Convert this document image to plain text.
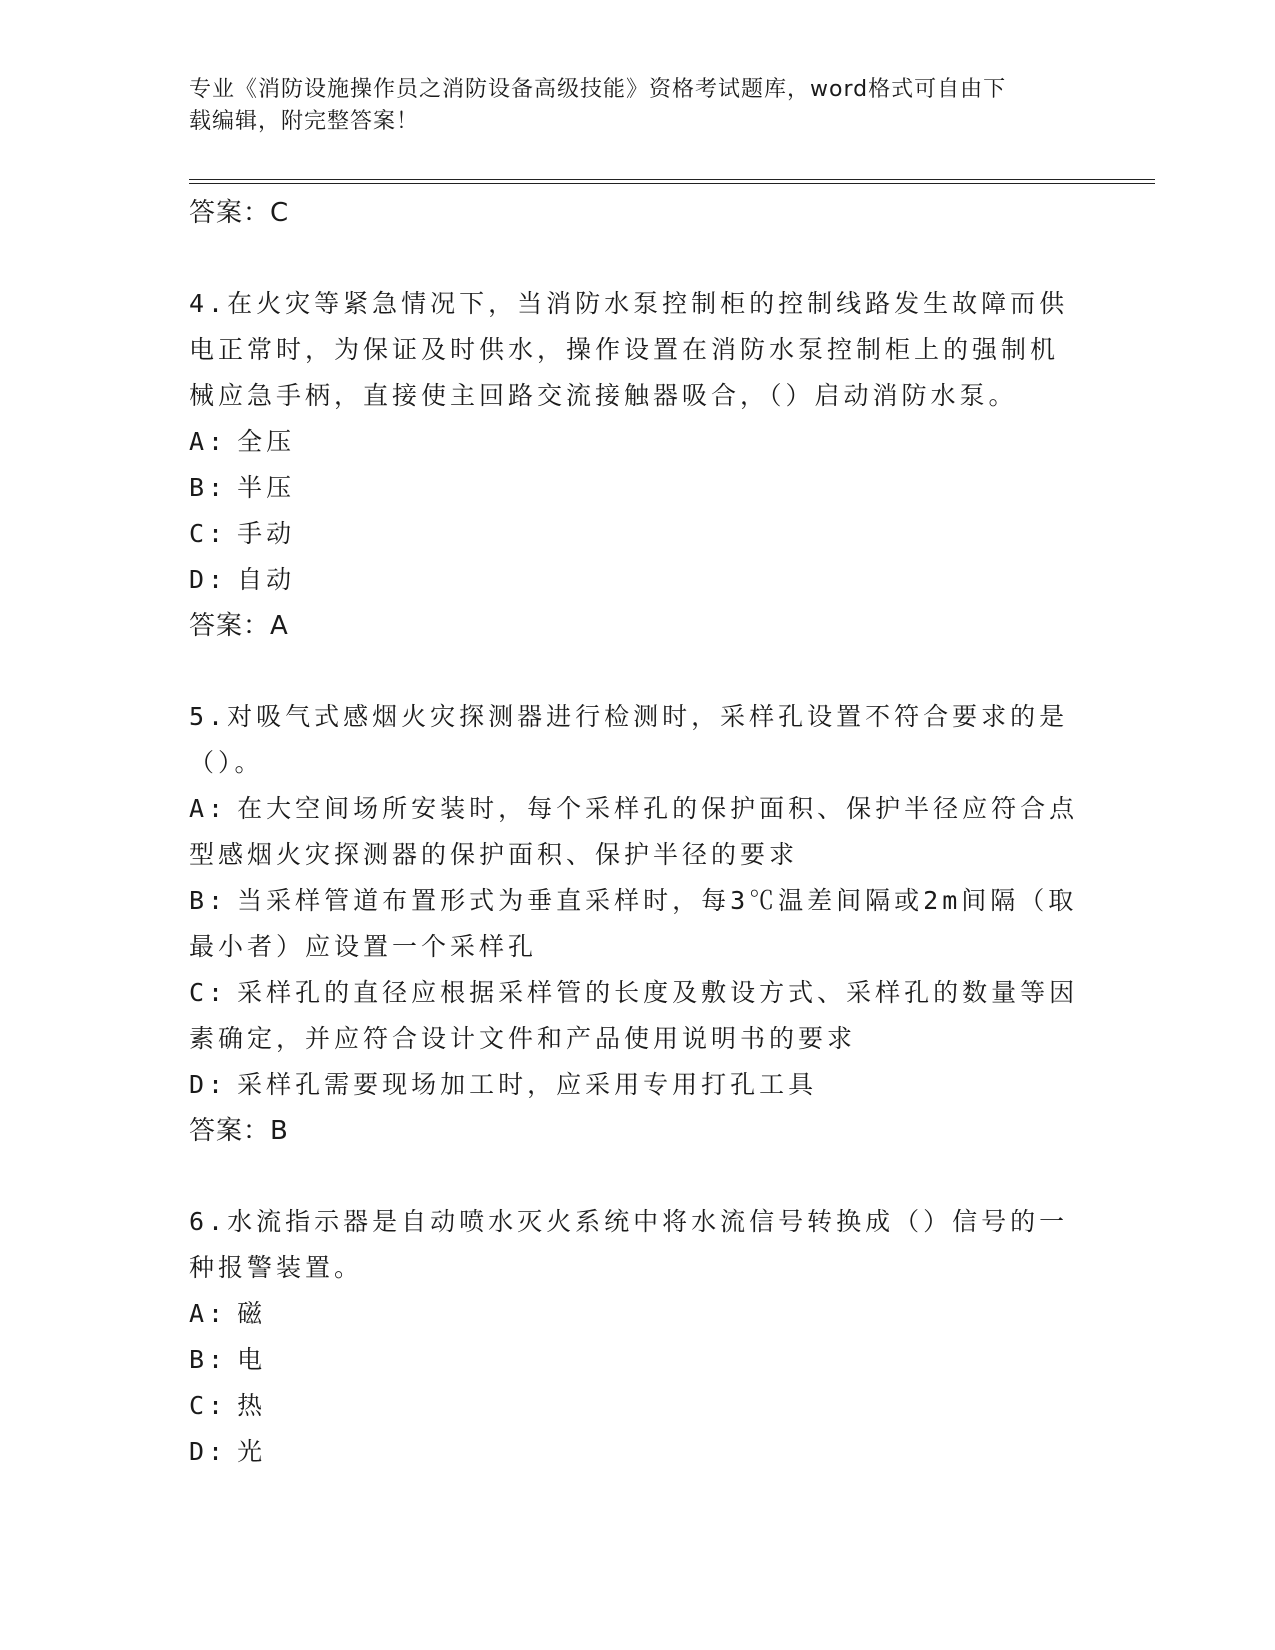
专业《消防设施操作员之消防设备高级技能》资格考试题库，word格式可自由下
载编辑，附完整答案！
答案：C
4.在火灾等紧急情况下，当消防水泵控制柜的控制线路发生故障而供
电正常时，为保证及时供水，操作设置在消防水泵控制柜上的强制机
械应急手柄，直接使主回路交流接触器吸合，（）启动消防水泵。
A: 全压
B: 半压
C: 手动
D: 自动
答案：A
5.对吸气式感烟火灾探测器进行检测时，采样孔设置不符合要求的是
（）。
A: 在大空间场所安装时，每个采样孔的保护面积、保护半径应符合点
型感烟火灾探测器的保护面积、保护半径的要求
B: 当采样管道布置形式为垂直采样时，每3℃温差间隔或2m间隔（取
最小者）应设置一个采样孔
C: 采样孔的直径应根据采样管的长度及敷设方式、采样孔的数量等因
素确定，并应符合设计文件和产品使用说明书的要求
D: 采样孔需要现场加工时，应采用专用打孔工具
答案：B
6.水流指示器是自动喷水灭火系统中将水流信号转换成（）信号的一
种报警装置。
A: 磁
B: 电
C: 热
D: 光
